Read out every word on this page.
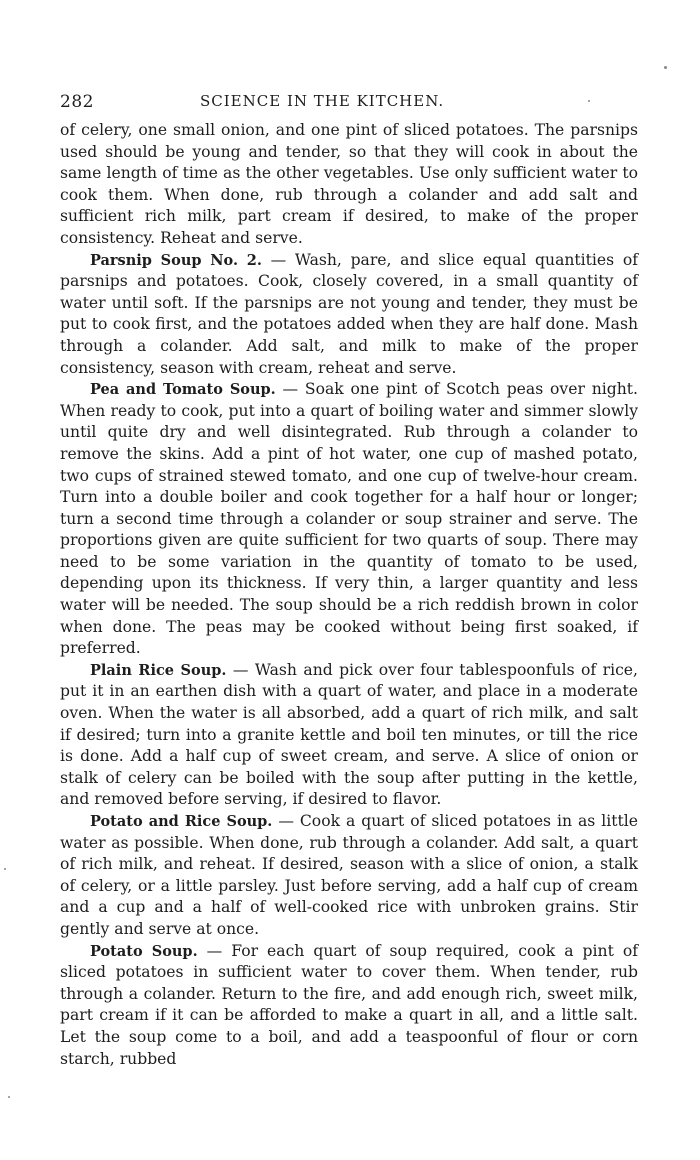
282	SCIENCE IN THE KITCHEN.

of celery, one small onion, and one pint of sliced potatoes. The parsnips used should be young and tender, so that they will cook in about the same length of time as the other vegetables. Use only sufficient water to cook them. When done, rub through a colander and add salt and sufficient rich milk, part cream if desired, to make of the proper consistency. Reheat and serve.

Parsnip Soup No. 2. — Wash, pare, and slice equal quantities of parsnips and potatoes. Cook, closely covered, in a small quantity of water until soft. If the parsnips are not young and tender, they must be put to cook first, and the potatoes added when they are half done. Mash through a colander. Add salt, and milk to make of the proper consistency, season with cream, reheat and serve.

Pea and Tomato Soup. — Soak one pint of Scotch peas over night. When ready to cook, put into a quart of boiling water and simmer slowly until quite dry and well disintegrated. Rub through a colander to remove the skins. Add a pint of hot water, one cup of mashed potato, two cups of strained stewed tomato, and one cup of twelve-hour cream. Turn into a double boiler and cook together for a half hour or longer; turn a second time through a colander or soup strainer and serve. The proportions given are quite sufficient for two quarts of soup. There may need to be some variation in the quantity of tomato to be used, depending upon its thickness. If very thin, a larger quantity and less water will be needed. The soup should be a rich reddish brown in color when done. The peas may be cooked without being first soaked, if preferred.

Plain Rice Soup. — Wash and pick over four tablespoonfuls of rice, put it in an earthen dish with a quart of water, and place in a moderate oven. When the water is all absorbed, add a quart of rich milk, and salt if desired; turn into a granite kettle and boil ten minutes, or till the rice is done. Add a half cup of sweet cream, and serve. A slice of onion or stalk of celery can be boiled with the soup after putting in the kettle, and removed before serving, if desired to flavor.

Potato and Rice Soup. — Cook a quart of sliced potatoes in as little water as possible. When done, rub through a colander. Add salt, a quart of rich milk, and reheat. If desired, season with a slice of onion, a stalk of celery, or a little parsley. Just before serving, add a half cup of cream and a cup and a half of well-cooked rice with unbroken grains. Stir gently and serve at once.

Potato Soup. — For each quart of soup required, cook a pint of sliced potatoes in sufficient water to cover them. When tender, rub through a colander. Return to the fire, and add enough rich, sweet milk, part cream if it can be afforded to make a quart in all, and a little salt. Let the soup come to a boil, and add a teaspoonful of flour or corn starch, rubbed
